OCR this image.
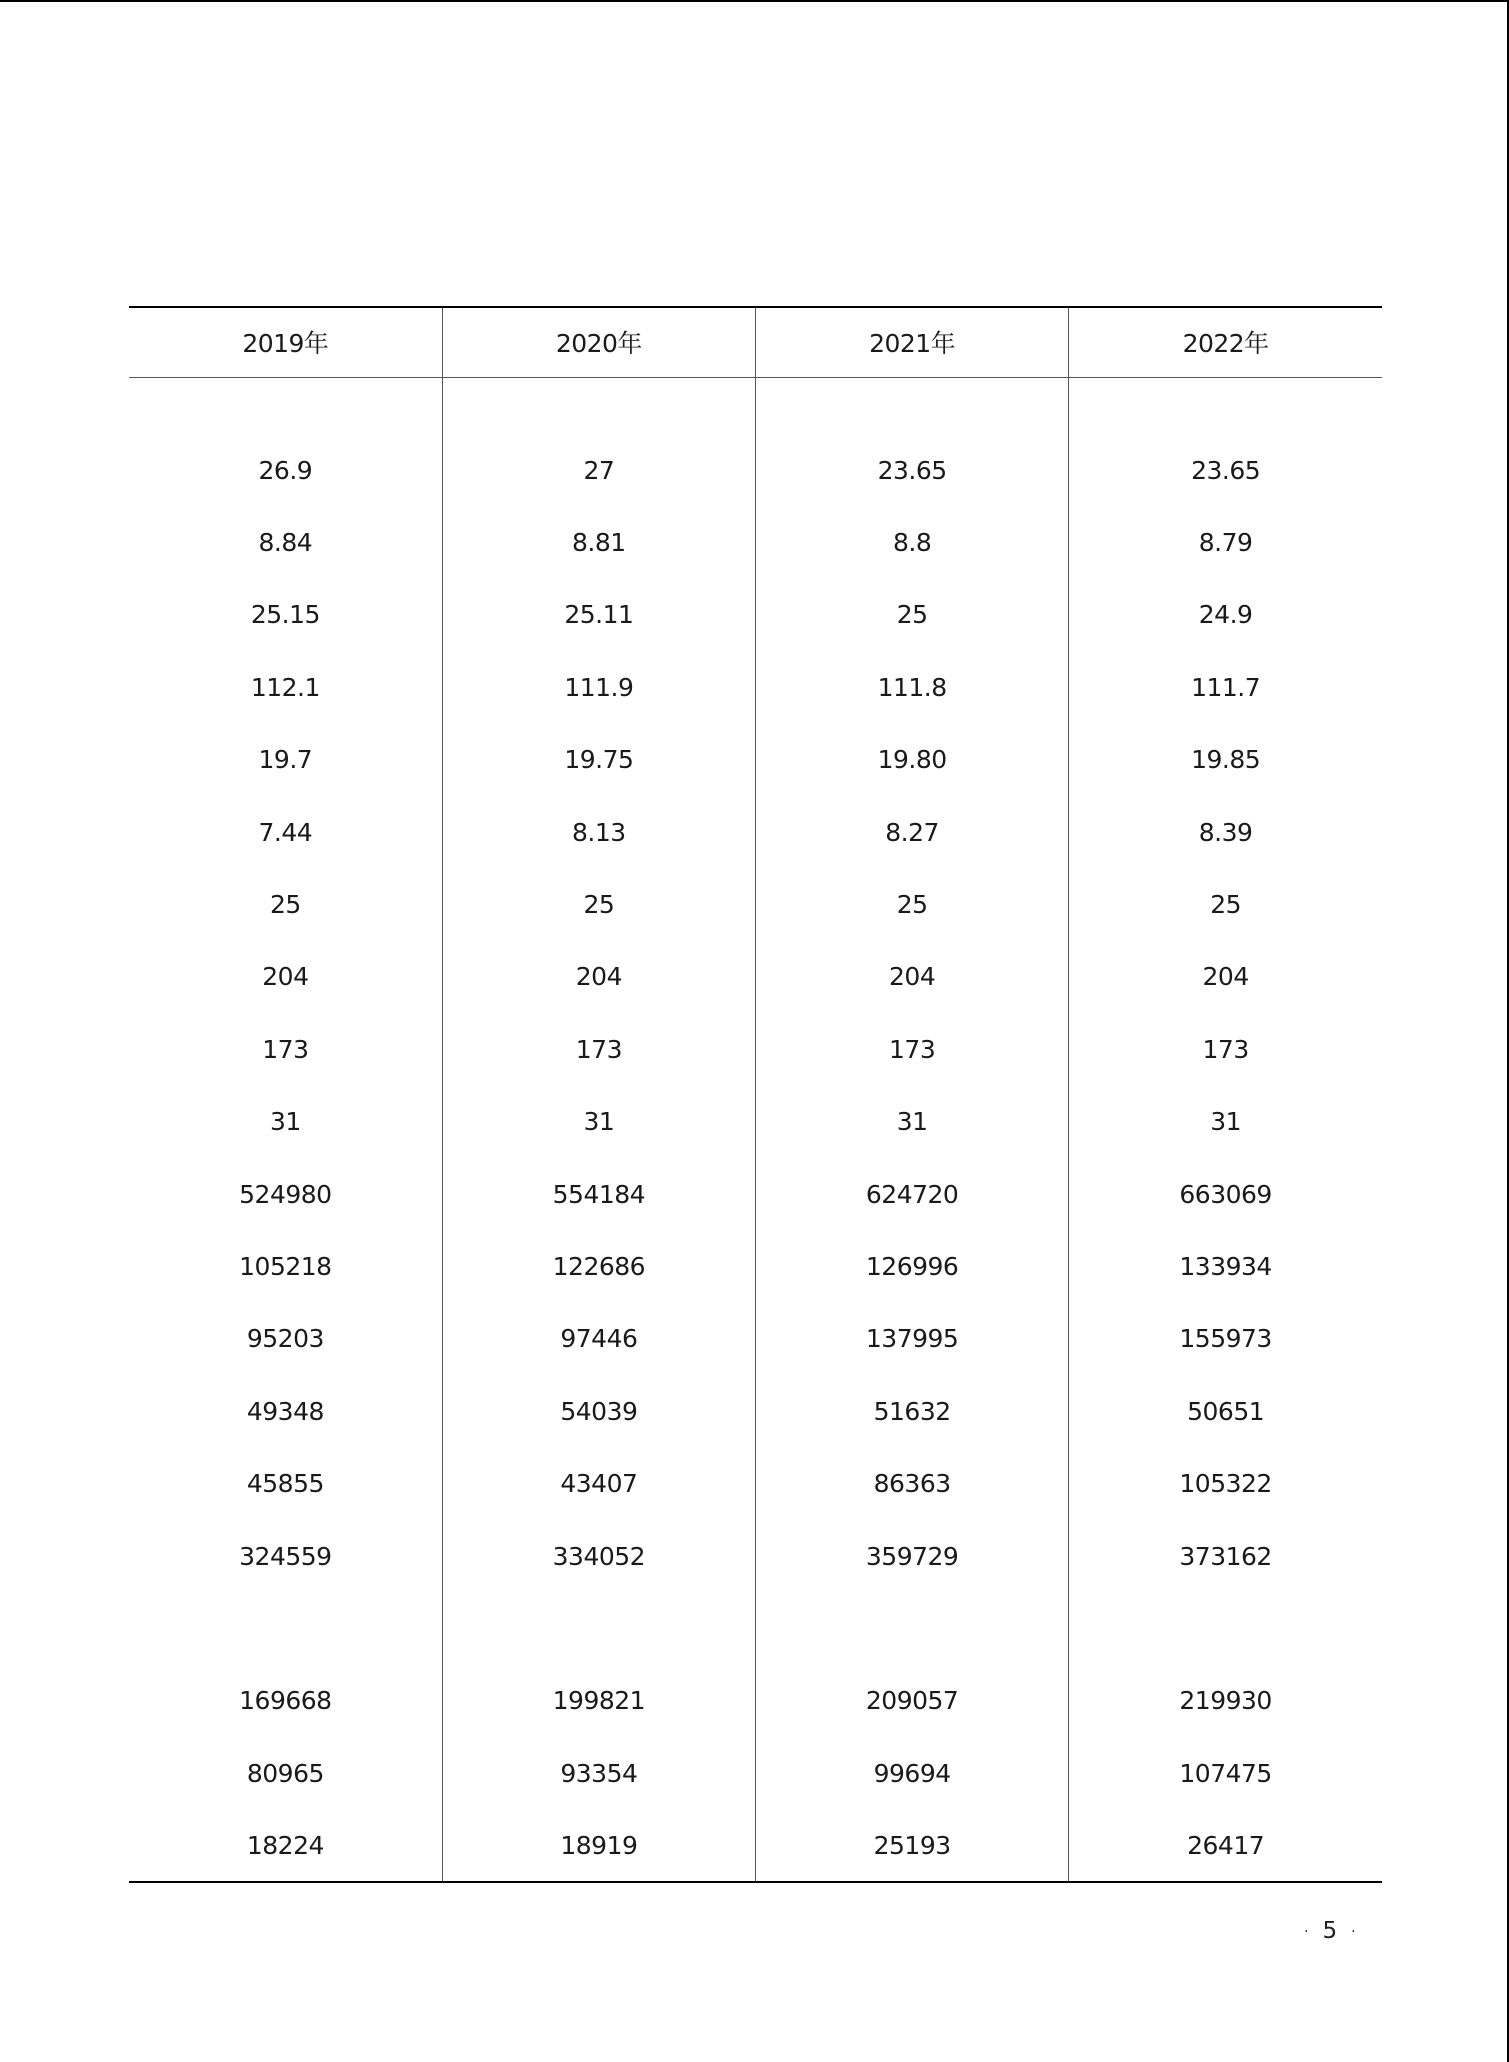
2019年	2020年	2021年	2022年

26.9	27	23.65	23.65
8.84	8.81	8.8	8.79
25.15	25.11	25	24.9
112.1	111.9	111.8	111.7
19.7	19.75	19.80	19.85
7.44	8.13	8.27	8.39
25	25	25	25
204	204	204	204
173	173	173	173
31	31	31	31
524980	554184	624720	663069
105218	122686	126996	133934
95203	97446	137995	155973
49348	54039	51632	50651
45855	43407	86363	105322
324559	334052	359729	373162

169668	199821	209057	219930
80965	93354	99694	107475
18224	18919	25193	26417
· 5 ·
